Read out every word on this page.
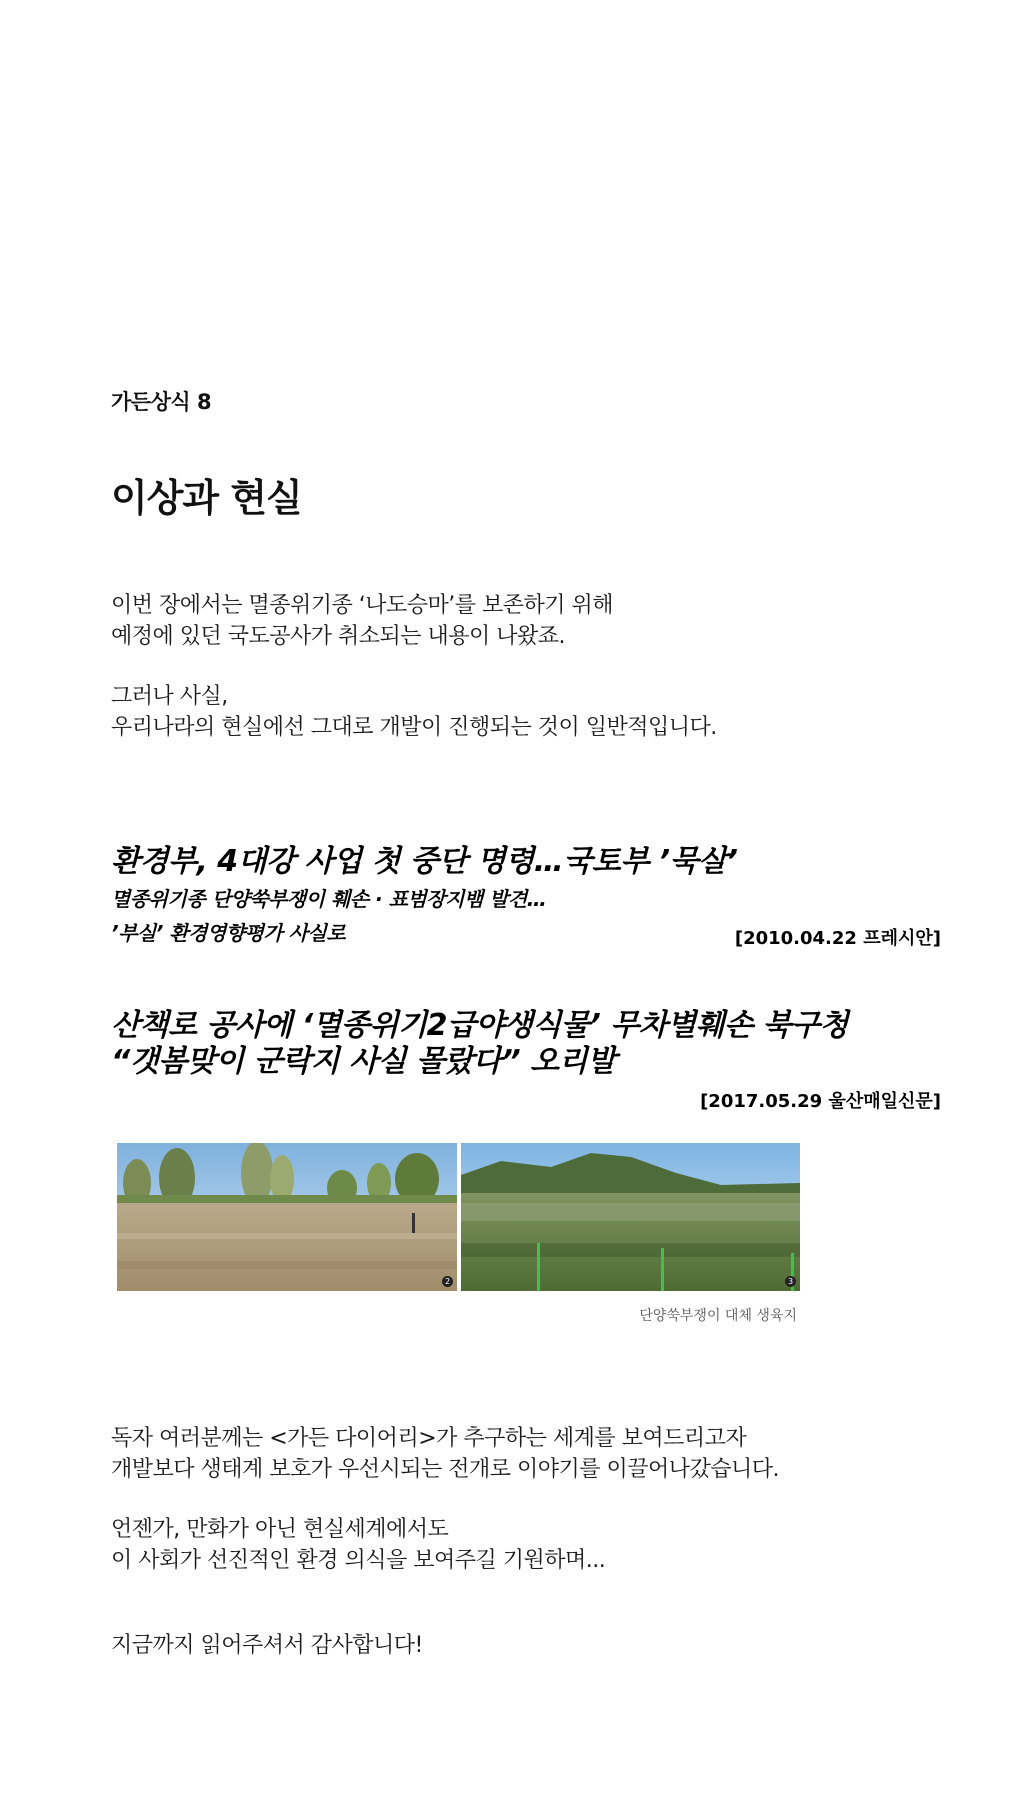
가든상식 8
이상과 현실

이번 장에서는 멸종위기종 ‘나도승마’를 보존하기 위해

예정에 있던 국도공사가 취소되는 내용이 나왔죠.

그러나 사실,

우리나라의 현실에선 그대로 개발이 진행되는 것이 일반적입니다.

환경부, 4대강 사업 첫 중단 명령…국토부 ’묵살’
멸종위기종 단양쑥부쟁이 훼손 · 표범장지뱀 발견…
’부실’ 환경영향평가 사실로	[2010.04.22 프레시안]
산책로 공사에 ‘멸종위기2급야생식물’ 무차별훼손 북구청
“갯봄맞이 군락지 사실 몰랐다” 오리발
[2017.05.29 울산매일신문]
2	3
단양쑥부쟁이 대체 생육지

독자 여러분께는 <가든 다이어리>가 추구하는 세계를 보여드리고자

개발보다 생태계 보호가 우선시되는 전개로 이야기를 이끌어나갔습니다.

언젠가, 만화가 아닌 현실세계에서도

이 사회가 선진적인 환경 의식을 보여주길 기원하며...

지금까지 읽어주셔서 감사합니다!
